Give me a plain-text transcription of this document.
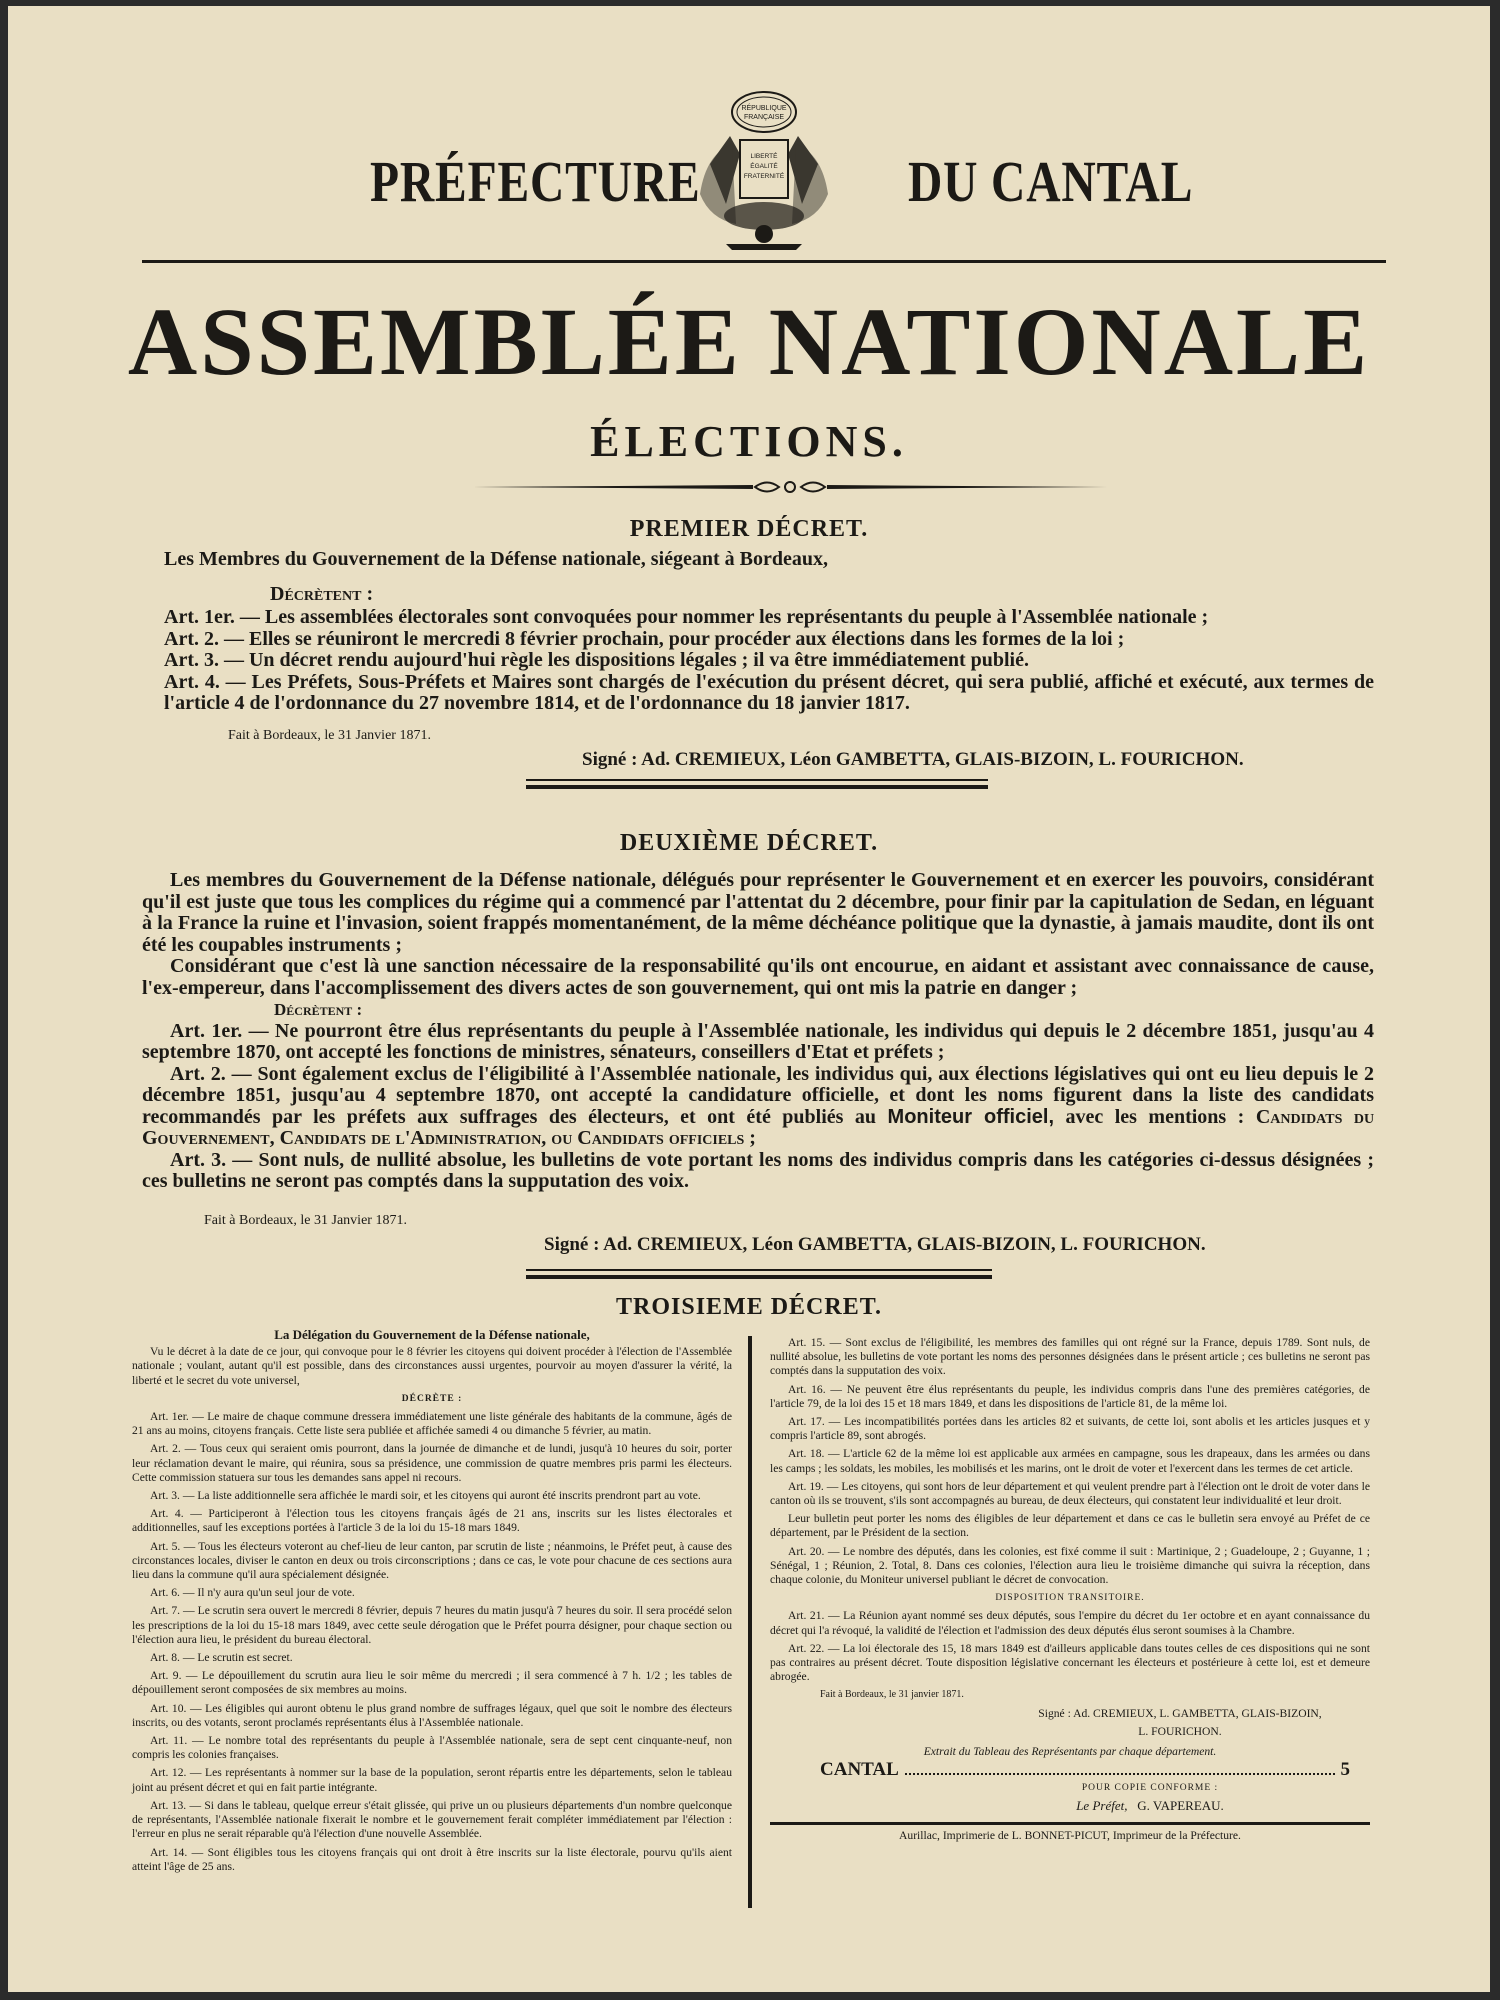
PRÉFECTURE	DU CANTAL
RÉPUBLIQUE
FRANÇAISE
LIBERTÉ
ÉGALITÉ
FRATERNITÉ
ASSEMBLÉE NATIONALE
ÉLECTIONS.
PREMIER DÉCRET.
Les Membres du Gouvernement de la Défense nationale, siégeant à Bordeaux,
Décrètent :

Art. 1er. — Les assemblées électorales sont convoquées pour nommer les représentants du peuple à l'Assemblée nationale ;

Art. 2. — Elles se réuniront le mercredi 8 février prochain, pour procéder aux élections dans les formes de la loi ;

Art. 3. — Un décret rendu aujourd'hui règle les dispositions légales ; il va être immédiatement publié.

Art. 4. — Les Préfets, Sous-Préfets et Maires sont chargés de l'exécution du présent décret, qui sera publié, affiché et exécuté, aux termes de l'article 4 de l'ordonnance du 27 novembre 1814, et de l'ordonnance du 18 janvier 1817.

Fait à Bordeaux, le 31 Janvier 1871.
Signé : Ad. CREMIEUX, Léon GAMBETTA, GLAIS-BIZOIN, L. FOURICHON.
DEUXIÈME DÉCRET.

Les membres du Gouvernement de la Défense nationale, délégués pour représenter le Gouvernement et en exercer les pouvoirs, considérant qu'il est juste que tous les complices du régime qui a commencé par l'attentat du 2 décembre, pour finir par la capitulation de Sedan, en léguant à la France la ruine et l'invasion, soient frappés momentanément, de la même déchéance politique que la dynastie, à jamais maudite, dont ils ont été les coupables instruments ;

Considérant que c'est là une sanction nécessaire de la responsabilité qu'ils ont encourue, en aidant et assistant avec connaissance de cause, l'ex-empereur, dans l'accomplissement des divers actes de son gouvernement, qui ont mis la patrie en danger ;

Décrètent :

Art. 1er. — Ne pourront être élus représentants du peuple à l'Assemblée nationale, les individus qui depuis le 2 décembre 1851, jusqu'au 4 septembre 1870, ont accepté les fonctions de ministres, sénateurs, conseillers d'Etat et préfets ;

Art. 2. — Sont également exclus de l'éligibilité à l'Assemblée nationale, les individus qui, aux élections législatives qui ont eu lieu depuis le 2 décembre 1851, jusqu'au 4 septembre 1870, ont accepté la candidature officielle, et dont les noms figurent dans la liste des candidats recommandés par les préfets aux suffrages des électeurs, et ont été publiés au Moniteur officiel, avec les mentions : Candidats du Gouvernement, Candidats de l'Administration, ou Candidats officiels ;

Art. 3. — Sont nuls, de nullité absolue, les bulletins de vote portant les noms des individus compris dans les catégories ci-dessus désignées ; ces bulletins ne seront pas comptés dans la supputation des voix.

Fait à Bordeaux, le 31 Janvier 1871.
Signé : Ad. CREMIEUX, Léon GAMBETTA, GLAIS-BIZOIN, L. FOURICHON.
TROISIEME DÉCRET.

La Délégation du Gouvernement de la Défense nationale,

Vu le décret à la date de ce jour, qui convoque pour le 8 février les citoyens qui doivent procéder à l'élection de l'Assemblée nationale ; voulant, autant qu'il est possible, dans des circonstances aussi urgentes, pourvoir au moyen d'assurer la vérité, la liberté et le secret du vote universel,

DÉCRÈTE :

Art. 1er. — Le maire de chaque commune dressera immédiatement une liste générale des habitants de la commune, âgés de 21 ans au moins, citoyens français. Cette liste sera publiée et affichée samedi 4 ou dimanche 5 février, au matin.

Art. 2. — Tous ceux qui seraient omis pourront, dans la journée de dimanche et de lundi, jusqu'à 10 heures du soir, porter leur réclamation devant le maire, qui réunira, sous sa présidence, une commission de quatre membres pris parmi les électeurs. Cette commission statuera sur tous les demandes sans appel ni recours.

Art. 3. — La liste additionnelle sera affichée le mardi soir, et les citoyens qui auront été inscrits prendront part au vote.

Art. 4. — Participeront à l'élection tous les citoyens français âgés de 21 ans, inscrits sur les listes électorales et additionnelles, sauf les exceptions portées à l'article 3 de la loi du 15-18 mars 1849.

Art. 5. — Tous les électeurs voteront au chef-lieu de leur canton, par scrutin de liste ; néanmoins, le Préfet peut, à cause des circonstances locales, diviser le canton en deux ou trois circonscriptions ; dans ce cas, le vote pour chacune de ces sections aura lieu dans la commune qu'il aura spécialement désignée.

Art. 6. — Il n'y aura qu'un seul jour de vote.

Art. 7. — Le scrutin sera ouvert le mercredi 8 février, depuis 7 heures du matin jusqu'à 7 heures du soir. Il sera procédé selon les prescriptions de la loi du 15-18 mars 1849, avec cette seule dérogation que le Préfet pourra désigner, pour chaque section ou l'élection aura lieu, le président du bureau électoral.

Art. 8. — Le scrutin est secret.

Art. 9. — Le dépouillement du scrutin aura lieu le soir même du mercredi ; il sera commencé à 7 h. 1/2 ; les tables de dépouillement seront composées de six membres au moins.

Art. 10. — Les éligibles qui auront obtenu le plus grand nombre de suffrages légaux, quel que soit le nombre des électeurs inscrits, ou des votants, seront proclamés représentants élus à l'Assemblée nationale.

Art. 11. — Le nombre total des représentants du peuple à l'Assemblée nationale, sera de sept cent cinquante-neuf, non compris les colonies françaises.

Art. 12. — Les représentants à nommer sur la base de la population, seront répartis entre les départements, selon le tableau joint au présent décret et qui en fait partie intégrante.

Art. 13. — Si dans le tableau, quelque erreur s'était glissée, qui prive un ou plusieurs départements d'un nombre quelconque de représentants, l'Assemblée nationale fixerait le nombre et le gouvernement ferait compléter immédiatement par l'élection : l'erreur en plus ne serait réparable qu'à l'élection d'une nouvelle Assemblée.

Art. 14. — Sont éligibles tous les citoyens français qui ont droit à être inscrits sur la liste électorale, pourvu qu'ils aient atteint l'âge de 25 ans.

Art. 15. — Sont exclus de l'éligibilité, les membres des familles qui ont régné sur la France, depuis 1789. Sont nuls, de nullité absolue, les bulletins de vote portant les noms des personnes désignées dans le présent article ; ces bulletins ne seront pas comptés dans la supputation des voix.

Art. 16. — Ne peuvent être élus représentants du peuple, les individus compris dans l'une des premières catégories, de l'article 79, de la loi des 15 et 18 mars 1849, et dans les dispositions de l'article 81, de la même loi.

Art. 17. — Les incompatibilités portées dans les articles 82 et suivants, de cette loi, sont abolis et les articles jusques et y compris l'article 89, sont abrogés.

Art. 18. — L'article 62 de la même loi est applicable aux armées en campagne, sous les drapeaux, dans les armées ou dans les camps ; les soldats, les mobiles, les mobilisés et les marins, ont le droit de voter et l'exercent dans les termes de cet article.

Art. 19. — Les citoyens, qui sont hors de leur département et qui veulent prendre part à l'élection ont le droit de voter dans le canton où ils se trouvent, s'ils sont accompagnés au bureau, de deux électeurs, qui constatent leur individualité et leur droit.

Leur bulletin peut porter les noms des éligibles de leur département et dans ce cas le bulletin sera envoyé au Préfet de ce département, par le Président de la section.

Art. 20. — Le nombre des députés, dans les colonies, est fixé comme il suit : Martinique, 2 ; Guadeloupe, 2 ; Guyanne, 1 ; Sénégal, 1 ; Réunion, 2. Total, 8. Dans ces colonies, l'élection aura lieu le troisième dimanche qui suivra la réception, dans chaque colonie, du Moniteur universel publiant le décret de convocation.

DISPOSITION TRANSITOIRE.

Art. 21. — La Réunion ayant nommé ses deux députés, sous l'empire du décret du 1er octobre et en ayant connaissance du décret qui l'a révoqué, la validité de l'élection et l'admission des deux députés élus seront soumises à la Chambre.

Art. 22. — La loi électorale des 15, 18 mars 1849 est d'ailleurs applicable dans toutes celles de ces dispositions qui ne sont pas contraires au présent décret. Toute disposition législative concernant les électeurs et postérieure à cette loi, est et demeure abrogée.

Fait à Bordeaux, le 31 janvier 1871.

Signé : Ad. CREMIEUX, L. GAMBETTA, GLAIS-BIZOIN,

L. FOURICHON.

Extrait du Tableau des Représentants par chaque département.

CANTAL	5

POUR COPIE CONFORME :

Le Préfet, G. VAPEREAU.

Aurillac, Imprimerie de L. BONNET-PICUT, Imprimeur de la Préfecture.
